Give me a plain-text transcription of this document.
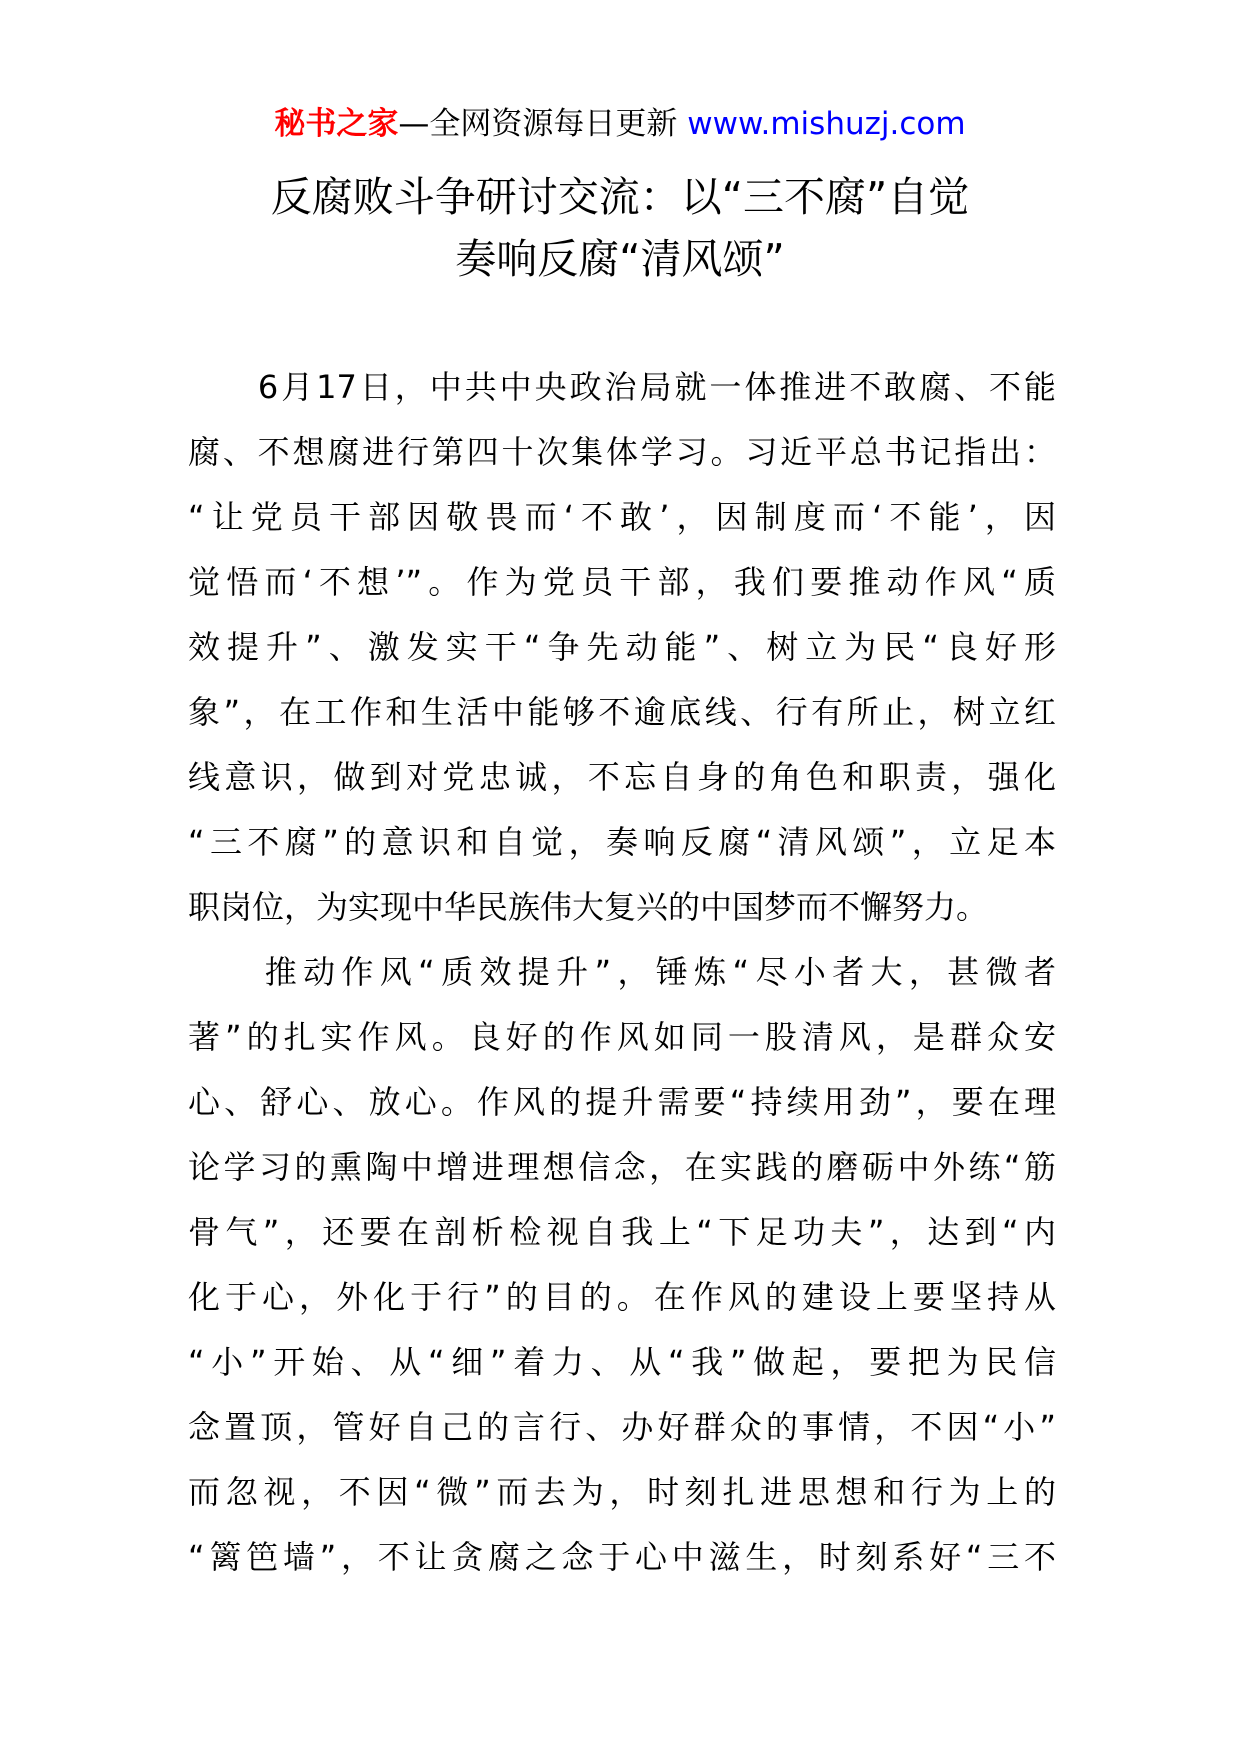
秘书之家—全网资源每日更新 www.mishuzj.com
反腐败斗争研讨交流：以“三不腐”自觉
奏响反腐“清风颂”
　　6月17日，中共中央政治局就一体推进不敢腐、不能
腐、不想腐进行第四十次集体学习。习近平总书记指出：
“让党员干部因敬畏而‘不敢’，因制度而‘不能’，因
觉悟而‘不想’”。作为党员干部，我们要推动作风“质
效提升”、激发实干“争先动能”、树立为民“良好形
象”，在工作和生活中能够不逾底线、行有所止，树立红
线意识，做到对党忠诚，不忘自身的角色和职责，强化
“三不腐”的意识和自觉，奏响反腐“清风颂”，立足本
职岗位，为实现中华民族伟大复兴的中国梦而不懈努力。
　　推动作风“质效提升”，锤炼“尽小者大，甚微者
著”的扎实作风。良好的作风如同一股清风，是群众安
心、舒心、放心。作风的提升需要“持续用劲”，要在理
论学习的熏陶中增进理想信念，在实践的磨砺中外练“筋
骨气”，还要在剖析检视自我上“下足功夫”，达到“内
化于心，外化于行”的目的。在作风的建设上要坚持从
“小”开始、从“细”着力、从“我”做起，要把为民信
念置顶，管好自己的言行、办好群众的事情，不因“小”
而忽视，不因“微”而去为，时刻扎进思想和行为上的
“篱笆墙”，不让贪腐之念于心中滋生，时刻系好“三不
